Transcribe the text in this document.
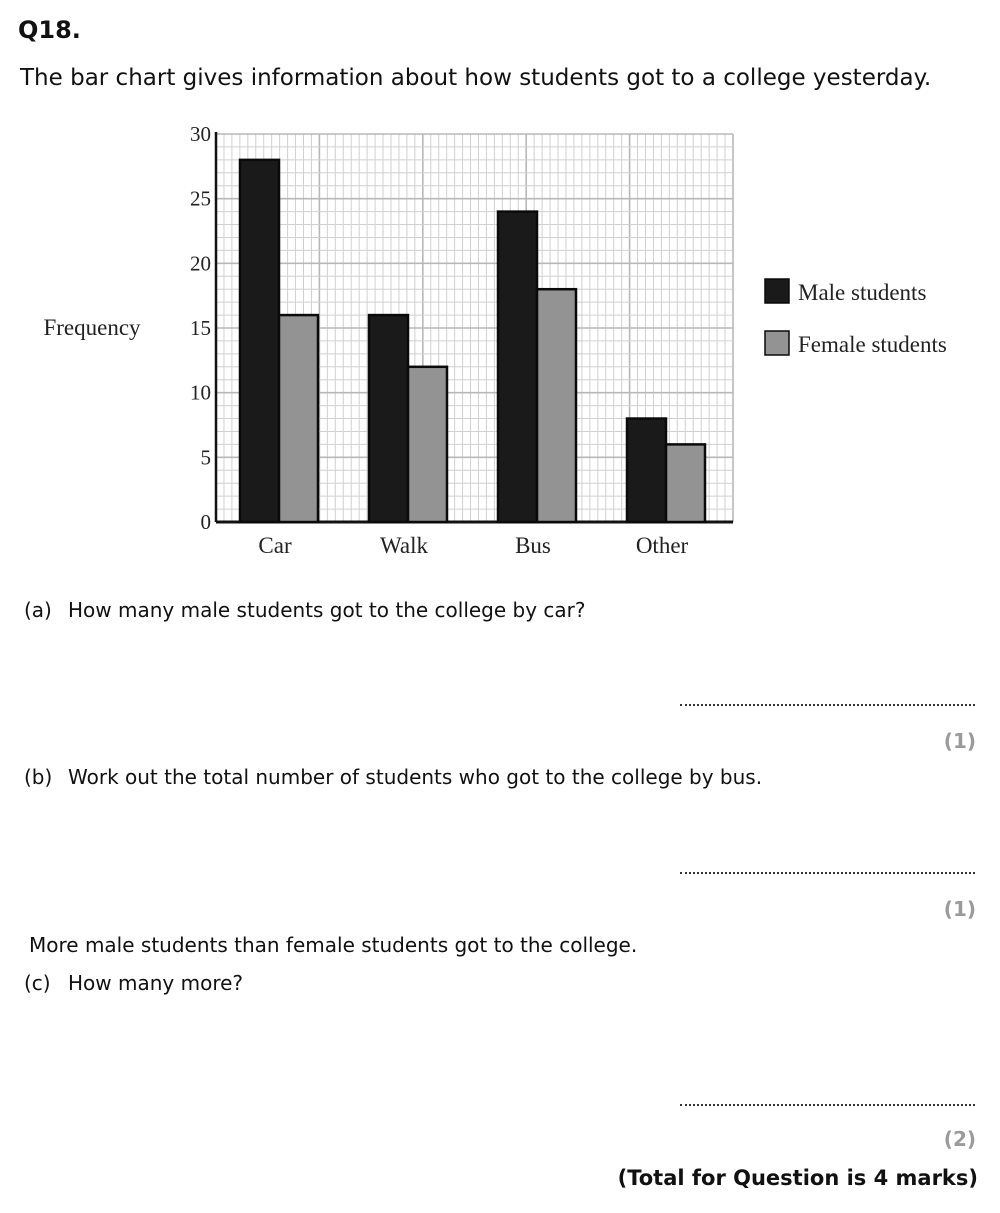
Q18.
The bar chart gives information about how students got to a college yesterday.
0
5
10
15
20
25
30
Frequency
Car	Walk	Bus	Other
Male students
Female students
(a) How many male students got to the college by car?
(1)
(b) Work out the total number of students who got to the college by bus.
(1)
More male students than female students got to the college.
(c) How many more?
(2)
(Total for Question is 4 marks)
